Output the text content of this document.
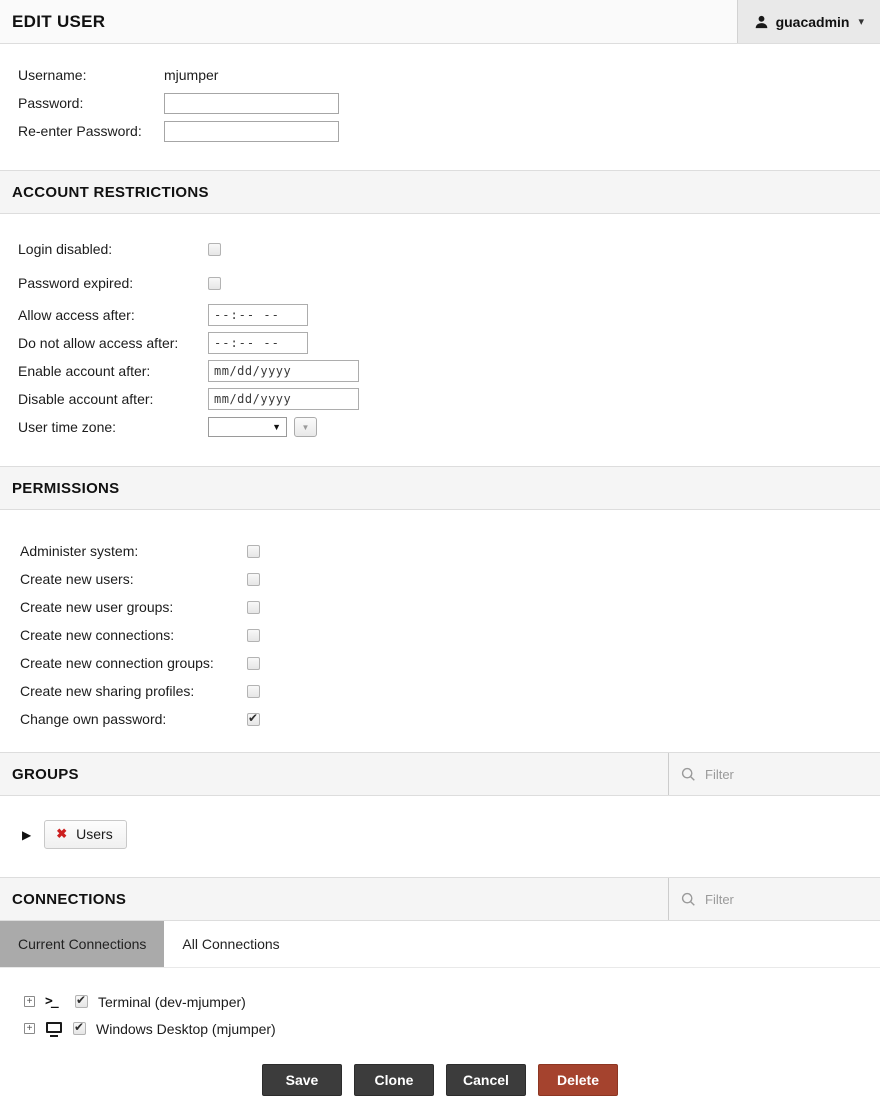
EDIT USER	guacadmin ▾
Username:	mjumper
Password:
Re-enter Password:
ACCOUNT RESTRICTIONS
Login disabled:
Password expired:
Allow access after:
--:-- --
Do not allow access after:
--:-- --
Enable account after:
mm/dd/yyyy
Disable account after:
mm/dd/yyyy
User time zone:	▼	▼
PERMISSIONS
Administer system:
Create new users:
Create new user groups:
Create new connections:
Create new connection groups:
Create new sharing profiles:
Change own password:
GROUPS
Filter
▶ ✖ Users
CONNECTIONS
Filter
Current Connections	All Connections
+ >_	Terminal (dev-mjumper)
+	Windows Desktop (mjumper)
Save	Clone	Cancel	Delete
